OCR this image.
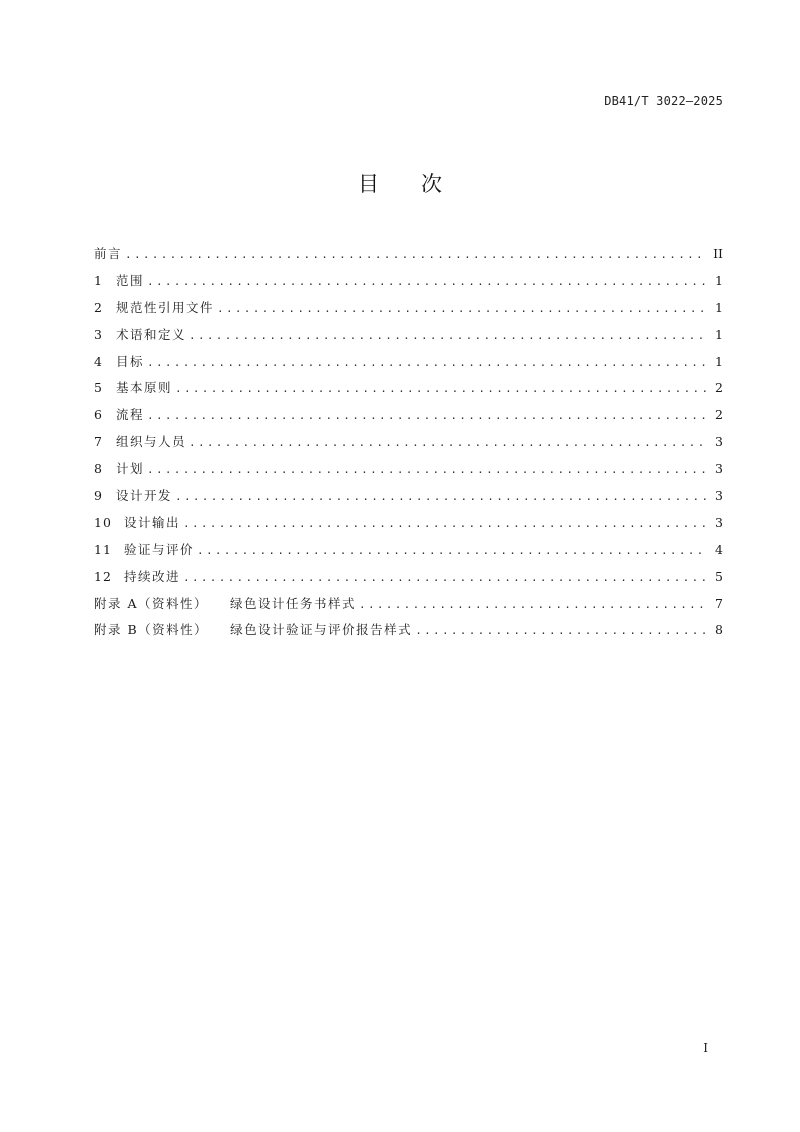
DB41/T 3022—2025
目 次
前言 .....	II
1	范围 .....	1
2	规范性引用文件 .....	1
3	术语和定义 .....	1
4	目标 .....	1
5	基本原则 .....	2
6	流程 .....	2
7	组织与人员 .....	3
8	计划 .....	3
9	设计开发 .....	3
10 设计输出 .....	3
11 验证与评价 .....	4
12 持续改进 .....	5
附录 A（资料性） 绿色设计任务书样式 .....	7
附录 B（资料性） 绿色设计验证与评价报告样式 .....	8
I
